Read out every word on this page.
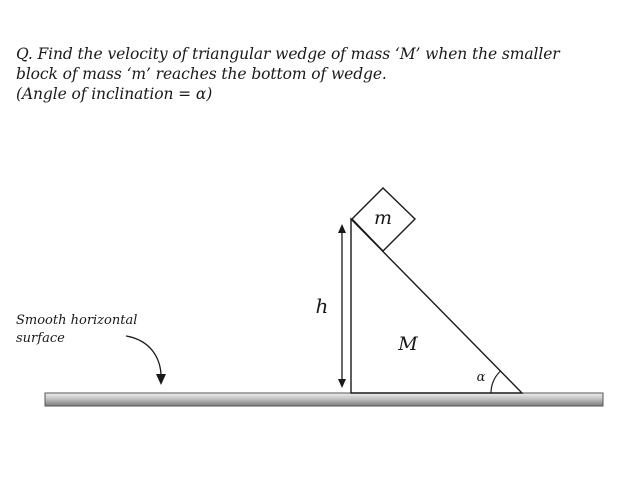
Q. Find the velocity of triangular wedge of mass ‘M’ when the smaller
block of mass ‘m’ reaches the bottom of wedge.
(Angle of inclination = α)
Smooth horizontal
surface
m
h
M
α
